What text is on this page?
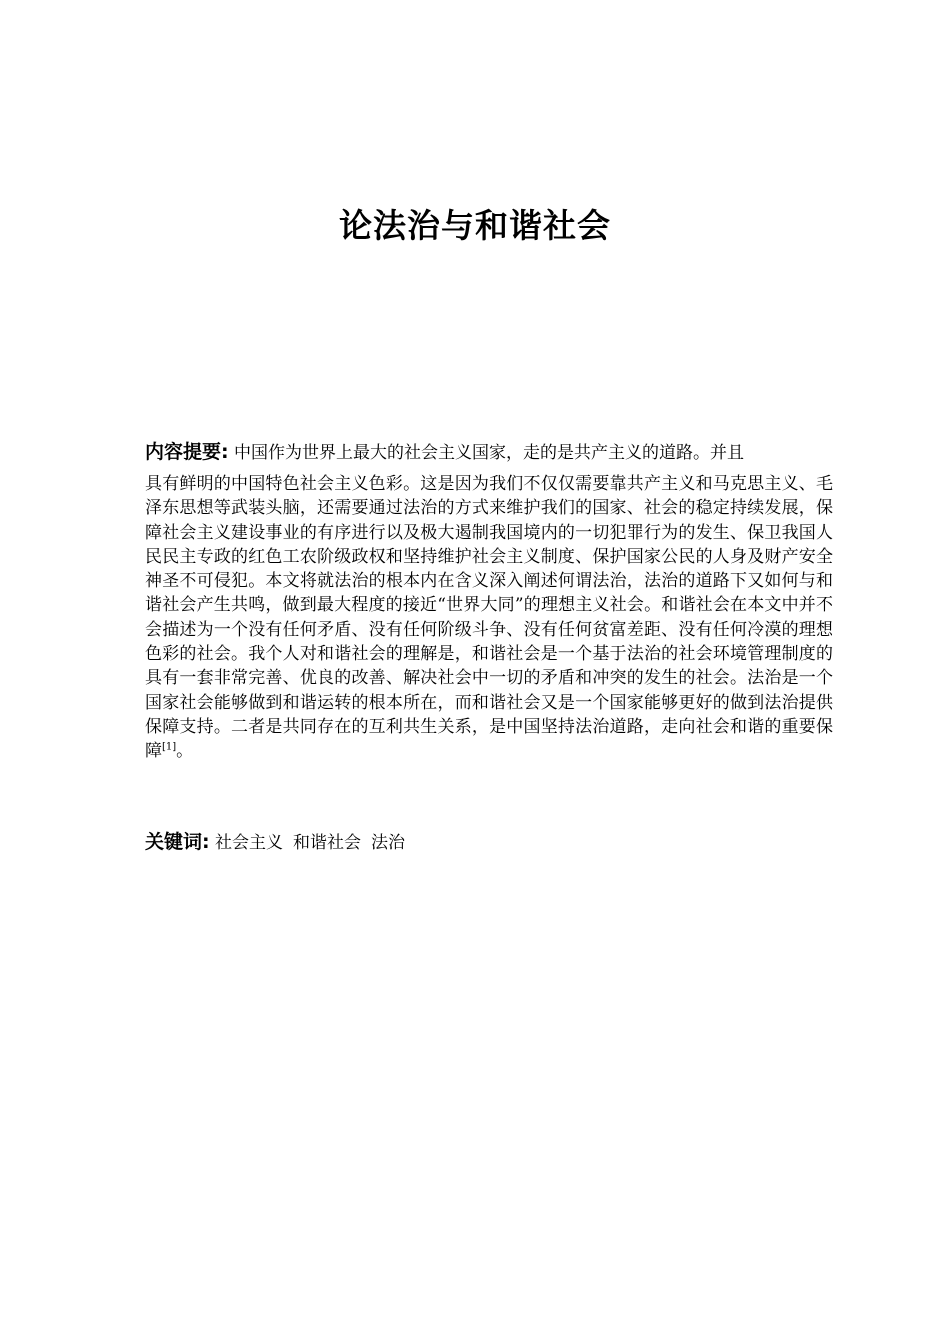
论法治与和谐社会

内容提要: 中国作为世界上最大的社会主义国家，走的是共产主义的道路。并且
具有鲜明的中国特色社会主义色彩。这是因为我们不仅仅需要靠共产主义和马克思主义、毛泽东思想等武装头脑，还需要通过法治的方式来维护我们的国家、社会的稳定持续发展，保障社会主义建设事业的有序进行以及极大遏制我国境内的一切犯罪行为的发生、保卫我国人民民主专政的红色工农阶级政权和坚持维护社会主义制度、保护国家公民的人身及财产安全神圣不可侵犯。本文将就法治的根本内在含义深入阐述何谓法治，法治的道路下又如何与和谐社会产生共鸣，做到最大程度的接近“世界大同”的理想主义社会。和谐社会在本文中并不会描述为一个没有任何矛盾、没有任何阶级斗争、没有任何贫富差距、没有任何冷漠的理想色彩的社会。我个人对和谐社会的理解是，和谐社会是一个基于法治的社会环境管理制度的具有一套非常完善、优良的改善、解决社会中一切的矛盾和冲突的发生的社会。法治是一个国家社会能够做到和谐运转的根本所在，而和谐社会又是一个国家能够更好的做到法治提供保障支持。二者是共同存在的互利共生关系，是中国坚持法治道路，走向社会和谐的重要保障[1]。

关键词: 社会主义 和谐社会 法治
